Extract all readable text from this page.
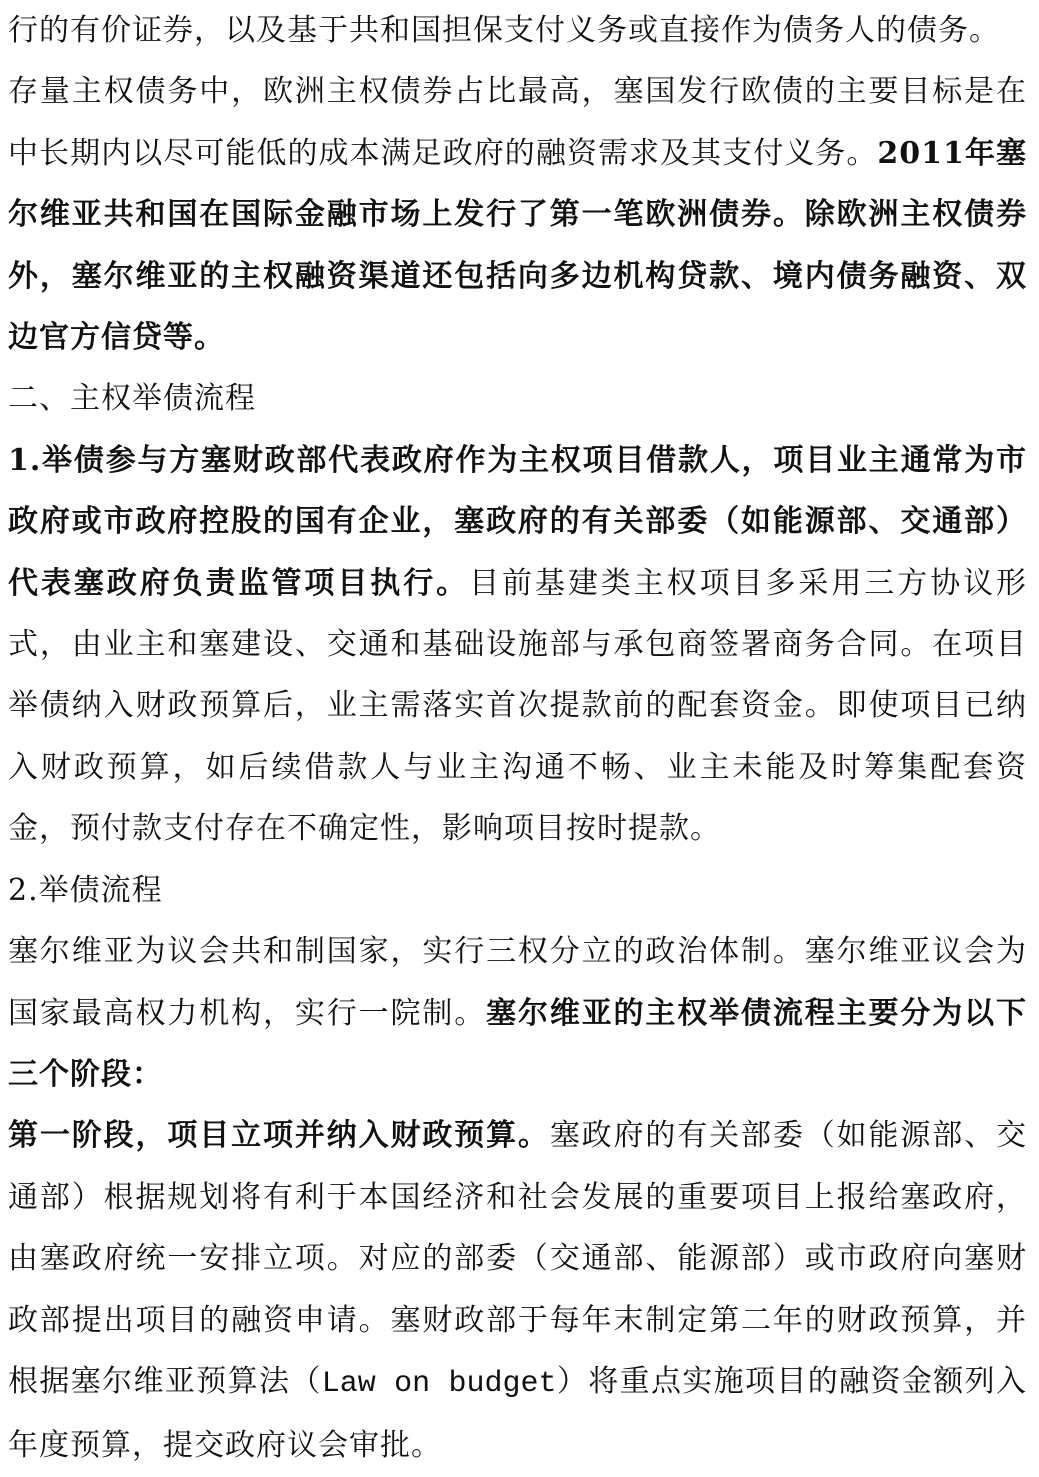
行的有价证券，以及基于共和国担保支付义务或直接作为债务人的债务。
存量主权债务中，欧洲主权债券占比最高，塞国发行欧债的主要目标是在中长期内以尽可能低的成本满足政府的融资需求及其支付义务。2011年塞尔维亚共和国在国际金融市场上发行了第一笔欧洲债券。除欧洲主权债券外，塞尔维亚的主权融资渠道还包括向多边机构贷款、境内债务融资、双边官方信贷等。
二、主权举债流程
1.举债参与方塞财政部代表政府作为主权项目借款人，项目业主通常为市政府或市政府控股的国有企业，塞政府的有关部委（如能源部、交通部）代表塞政府负责监管项目执行。目前基建类主权项目多采用三方协议形式，由业主和塞建设、交通和基础设施部与承包商签署商务合同。在项目举债纳入财政预算后，业主需落实首次提款前的配套资金。即使项目已纳入财政预算，如后续借款人与业主沟通不畅、业主未能及时筹集配套资金，预付款支付存在不确定性，影响项目按时提款。
2.举债流程
塞尔维亚为议会共和制国家，实行三权分立的政治体制。塞尔维亚议会为国家最高权力机构，实行一院制。塞尔维亚的主权举债流程主要分为以下三个阶段：
第一阶段，项目立项并纳入财政预算。塞政府的有关部委（如能源部、交通部）根据规划将有利于本国经济和社会发展的重要项目上报给塞政府，由塞政府统一安排立项。对应的部委（交通部、能源部）或市政府向塞财政部提出项目的融资申请。塞财政部于每年末制定第二年的财政预算，并根据塞尔维亚预算法（Law on budget）将重点实施项目的融资金额列入年度预算，提交政府议会审批。
